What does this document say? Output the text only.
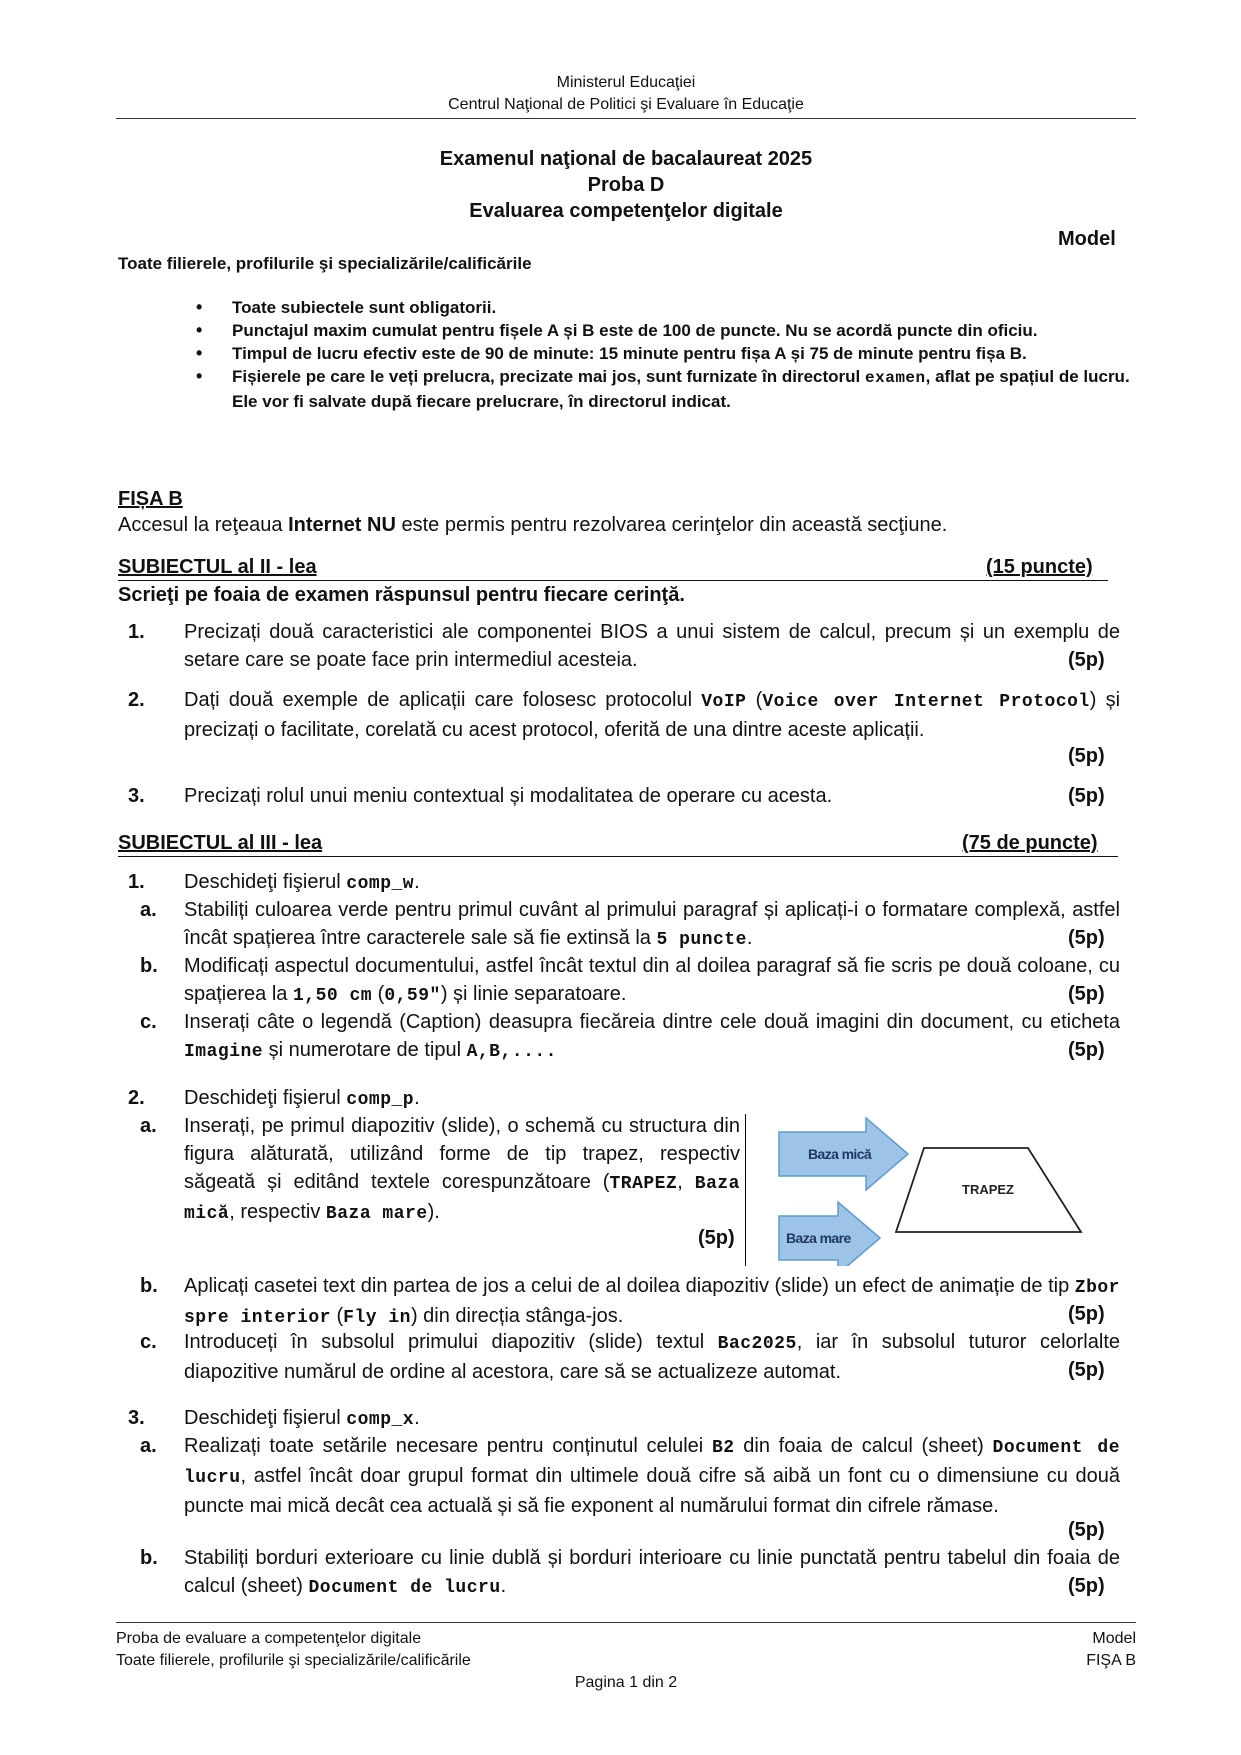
Ministerul Educaţiei
Centrul Naţional de Politici şi Evaluare în Educaţie
Examenul naţional de bacalaureat 2025
Proba D
Evaluarea competenţelor digitale
Model
Toate filierele, profilurile şi specializările/calificările
• Toate subiectele sunt obligatorii.
• Punctajul maxim cumulat pentru fișele A și B este de 100 de puncte. Nu se acordă puncte din oficiu.
• Timpul de lucru efectiv este de 90 de minute: 15 minute pentru fișa A și 75 de minute pentru fișa B.
• Fișierele pe care le veți prelucra, precizate mai jos, sunt furnizate în directorul examen, aflat pe spațiul de lucru. Ele vor fi salvate după fiecare prelucrare, în directorul indicat.
FIȘA B
Accesul la reţeaua Internet NU este permis pentru rezolvarea cerinţelor din această secţiune.
SUBIECTUL al II - lea	(15 puncte)
Scrieţi pe foaia de examen răspunsul pentru fiecare cerinţă.
1. Precizați două caracteristici ale componentei BIOS a unui sistem de calcul, precum și un exemplu de setare care se poate face prin intermediul acesteia.	(5p)
2. Dați două exemple de aplicații care folosesc protocolul VoIP (Voice over Internet Protocol) și precizați o facilitate, corelată cu acest protocol, oferită de una dintre aceste aplicații.
(5p)
3. Precizați rolul unui meniu contextual și modalitatea de operare cu acesta.	(5p)
SUBIECTUL al III - lea	(75 de puncte)
1. Deschideţi fişierul comp_w.
a. Stabiliți culoarea verde pentru primul cuvânt al primului paragraf și aplicați-i o formatare complexă, astfel încât spațierea între caracterele sale să fie extinsă la 5 puncte.	(5p)
b. Modificați aspectul documentului, astfel încât textul din al doilea paragraf să fie scris pe două coloane, cu spațierea la 1,50 cm (0,59″) și linie separatoare.	(5p)
c. Inserați câte o legendă (Caption) deasupra fiecăreia dintre cele două imagini din document, cu eticheta Imagine și numerotare de tipul A,B,....	(5p)
2. Deschideţi fişierul comp_p.
a. Inserați, pe primul diapozitiv (slide), o schemă cu structura din figura alăturată, utilizând forme de tip trapez, respectiv săgeată și editând textele corespunzătoare (TRAPEZ, Baza mică, respectiv Baza mare).
(5p)
Baza mică
Baza mare
TRAPEZ
b. Aplicați casetei text din partea de jos a celui de al doilea diapozitiv (slide) un efect de animație de tip Zbor spre interior (Fly in) din direcția stânga-jos.	(5p)
c. Introduceți în subsolul primului diapozitiv (slide) textul Bac2025, iar în subsolul tuturor celorlalte diapozitive numărul de ordine al acestora, care să se actualizeze automat.	(5p)
3. Deschideţi fişierul comp_x.
a. Realizați toate setările necesare pentru conținutul celulei B2 din foaia de calcul (sheet) Document de lucru, astfel încât doar grupul format din ultimele două cifre să aibă un font cu o dimensiune cu două puncte mai mică decât cea actuală și să fie exponent al numărului format din cifrele rămase.
(5p)
b. Stabiliți borduri exterioare cu linie dublă și borduri interioare cu linie punctată pentru tabelul din foaia de calcul (sheet) Document de lucru.	(5p)
Proba de evaluare a competenţelor digitale
Toate filierele, profilurile şi specializările/calificările
Model
FIŞA B
Pagina 1 din 2
